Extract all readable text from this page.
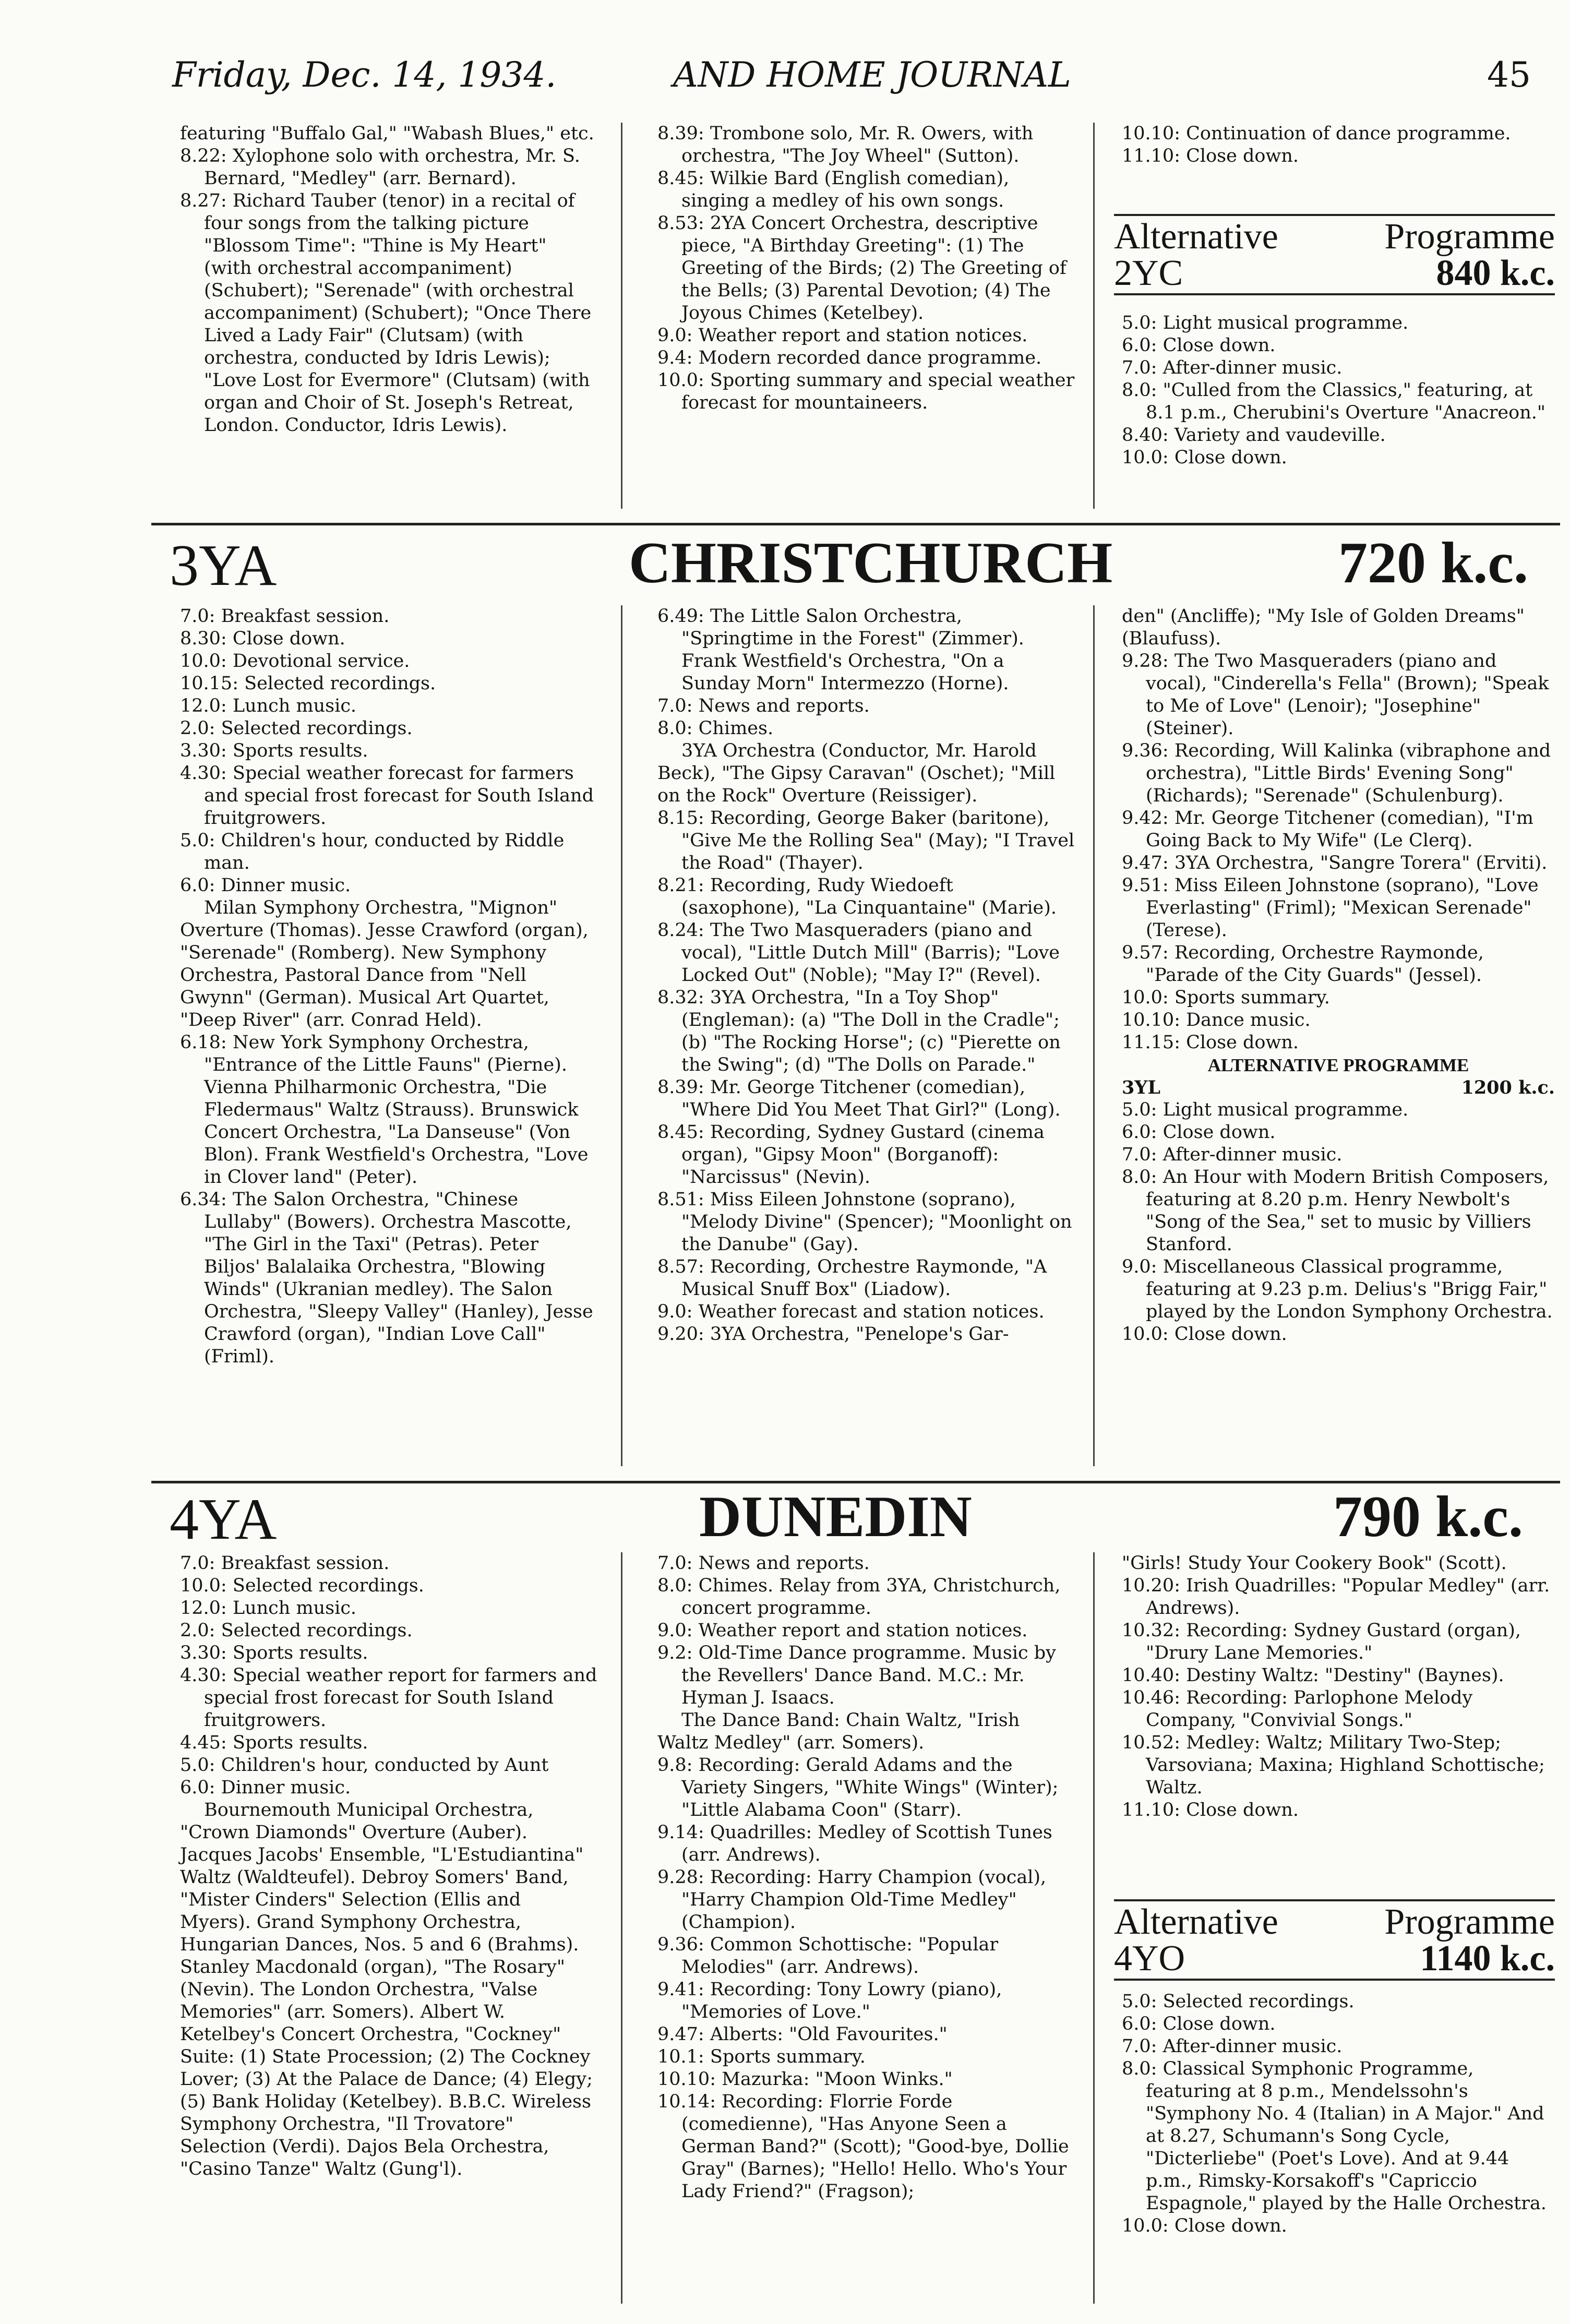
Friday, Dec. 14, 1934.	AND HOME JOURNAL	45

featuring "Buffalo Gal," "Wabash Blues," etc.

8.22: Xylophone solo with orchestra, Mr. S. Bernard, "Medley" (arr. Bernard).

8.27: Richard Tauber (tenor) in a recital of four songs from the talking picture "Blossom Time": "Thine is My Heart" (with orchestral accompaniment) (Schubert); "Serenade" (with orchestral accompaniment) (Schubert); "Once There Lived a Lady Fair" (Clutsam) (with orchestra, conducted by Idris Lewis); "Love Lost for Evermore" (Clutsam) (with organ and Choir of St. Joseph's Retreat, London. Conductor, Idris Lewis).

8.39: Trombone solo, Mr. R. Owers, with orchestra, "The Joy Wheel" (Sutton).

8.45: Wilkie Bard (English comedian), singing a medley of his own songs.

8.53: 2YA Concert Orchestra, descriptive piece, "A Birthday Greeting": (1) The Greeting of the Birds; (2) The Greeting of the Bells; (3) Parental Devotion; (4) The Joyous Chimes (Ketelbey).

9.0: Weather report and station notices.

9.4: Modern recorded dance programme.

10.0: Sporting summary and special weather forecast for mountaineers.

10.10: Continuation of dance programme.

11.10: Close down.

Alternative	Programme
2YC	840 k.c.

5.0: Light musical programme.

6.0: Close down.

7.0: After-dinner music.

8.0: "Culled from the Classics," featuring, at 8.1 p.m., Cherubini's Overture "Anacreon."

8.40: Variety and vaudeville.

10.0: Close down.

3YA	CHRISTCHURCH	720 k.c.

7.0: Breakfast session.

8.30: Close down.

10.0: Devotional service.

10.15: Selected recordings.

12.0: Lunch music.

2.0: Selected recordings.

3.30: Sports results.

4.30: Special weather forecast for farmers and special frost forecast for South Island fruitgrowers.

5.0: Children's hour, conducted by Riddle man.

6.0: Dinner music.

Milan Symphony Orchestra, "Mignon" Overture (Thomas). Jesse Crawford (organ), "Serenade" (Romberg). New Symphony Orchestra, Pastoral Dance from "Nell Gwynn" (German). Musical Art Quartet, "Deep River" (arr. Conrad Held).

6.18: New York Symphony Orchestra, "Entrance of the Little Fauns" (Pierne). Vienna Philharmonic Orchestra, "Die Fledermaus" Waltz (Strauss). Brunswick Concert Orchestra, "La Danseuse" (Von Blon). Frank Westfield's Orchestra, "Love in Clover land" (Peter).

6.34: The Salon Orchestra, "Chinese Lullaby" (Bowers). Orchestra Mascotte, "The Girl in the Taxi" (Petras). Peter Biljos' Balalaika Orchestra, "Blowing Winds" (Ukranian medley). The Salon Orchestra, "Sleepy Valley" (Hanley), Jesse Crawford (organ), "Indian Love Call" (Friml).

6.49: The Little Salon Orchestra, "Springtime in the Forest" (Zimmer). Frank Westfield's Orchestra, "On a Sunday Morn" Intermezzo (Horne).

7.0: News and reports.

8.0: Chimes.

3YA Orchestra (Conductor, Mr. Harold Beck), "The Gipsy Caravan" (Oschet); "Mill on the Rock" Overture (Reissiger).

8.15: Recording, George Baker (baritone), "Give Me the Rolling Sea" (May); "I Travel the Road" (Thayer).

8.21: Recording, Rudy Wiedoeft (saxophone), "La Cinquantaine" (Marie).

8.24: The Two Masqueraders (piano and vocal), "Little Dutch Mill" (Barris); "Love Locked Out" (Noble); "May I?" (Revel).

8.32: 3YA Orchestra, "In a Toy Shop" (Engleman): (a) "The Doll in the Cradle"; (b) "The Rocking Horse"; (c) "Pierette on the Swing"; (d) "The Dolls on Parade."

8.39: Mr. George Titchener (comedian), "Where Did You Meet That Girl?" (Long).

8.45: Recording, Sydney Gustard (cinema organ), "Gipsy Moon" (Borganoff): "Narcissus" (Nevin).

8.51: Miss Eileen Johnstone (soprano), "Melody Divine" (Spencer); "Moonlight on the Danube" (Gay).

8.57: Recording, Orchestre Raymonde, "A Musical Snuff Box" (Liadow).

9.0: Weather forecast and station notices.

9.20: 3YA Orchestra, "Penelope's Gar-

den" (Ancliffe); "My Isle of Golden Dreams" (Blaufuss).

9.28: The Two Masqueraders (piano and vocal), "Cinderella's Fella" (Brown); "Speak to Me of Love" (Lenoir); "Josephine" (Steiner).

9.36: Recording, Will Kalinka (vibraphone and orchestra), "Little Birds' Evening Song" (Richards); "Serenade" (Schulenburg).

9.42: Mr. George Titchener (comedian), "I'm Going Back to My Wife" (Le Clerq).

9.47: 3YA Orchestra, "Sangre Torera" (Erviti).

9.51: Miss Eileen Johnstone (soprano), "Love Everlasting" (Friml); "Mexican Serenade" (Terese).

9.57: Recording, Orchestre Raymonde, "Parade of the City Guards" (Jessel).

10.0: Sports summary.

10.10: Dance music.

11.15: Close down.

ALTERNATIVE PROGRAMME
3YL	1200 k.c.

5.0: Light musical programme.

6.0: Close down.

7.0: After-dinner music.

8.0: An Hour with Modern British Composers, featuring at 8.20 p.m. Henry Newbolt's "Song of the Sea," set to music by Villiers Stanford.

9.0: Miscellaneous Classical programme, featuring at 9.23 p.m. Delius's "Brigg Fair," played by the London Symphony Orchestra.

10.0: Close down.

4YA	DUNEDIN	790 k.c.

7.0: Breakfast session.

10.0: Selected recordings.

12.0: Lunch music.

2.0: Selected recordings.

3.30: Sports results.

4.30: Special weather report for farmers and special frost forecast for South Island fruitgrowers.

4.45: Sports results.

5.0: Children's hour, conducted by Aunt

6.0: Dinner music.

Bournemouth Municipal Orchestra, "Crown Diamonds" Overture (Auber). Jacques Jacobs' Ensemble, "L'Estudiantina" Waltz (Waldteufel). Debroy Somers' Band, "Mister Cinders" Selection (Ellis and Myers). Grand Symphony Orchestra, Hungarian Dances, Nos. 5 and 6 (Brahms). Stanley Macdonald (organ), "The Rosary" (Nevin). The London Orchestra, "Valse Memories" (arr. Somers). Albert W. Ketelbey's Concert Orchestra, "Cockney" Suite: (1) State Procession; (2) The Cockney Lover; (3) At the Palace de Dance; (4) Elegy; (5) Bank Holiday (Ketelbey). B.B.C. Wireless Symphony Orchestra, "Il Trovatore" Selection (Verdi). Dajos Bela Orchestra, "Casino Tanze" Waltz (Gung'l).

7.0: News and reports.

8.0: Chimes. Relay from 3YA, Christchurch, concert programme.

9.0: Weather report and station notices.

9.2: Old-Time Dance programme. Music by the Revellers' Dance Band. M.C.: Mr. Hyman J. Isaacs.

The Dance Band: Chain Waltz, "Irish Waltz Medley" (arr. Somers).

9.8: Recording: Gerald Adams and the Variety Singers, "White Wings" (Winter); "Little Alabama Coon" (Starr).

9.14: Quadrilles: Medley of Scottish Tunes (arr. Andrews).

9.28: Recording: Harry Champion (vocal), "Harry Champion Old-Time Medley" (Champion).

9.36: Common Schottische: "Popular Melodies" (arr. Andrews).

9.41: Recording: Tony Lowry (piano), "Memories of Love."

9.47: Alberts: "Old Favourites."

10.1: Sports summary.

10.10: Mazurka: "Moon Winks."

10.14: Recording: Florrie Forde (comedienne), "Has Anyone Seen a German Band?" (Scott); "Good-bye, Dollie Gray" (Barnes); "Hello! Hello. Who's Your Lady Friend?" (Fragson);

"Girls! Study Your Cookery Book" (Scott).

10.20: Irish Quadrilles: "Popular Medley" (arr. Andrews).

10.32: Recording: Sydney Gustard (organ), "Drury Lane Memories."

10.40: Destiny Waltz: "Destiny" (Baynes).

10.46: Recording: Parlophone Melody Company, "Convivial Songs."

10.52: Medley: Waltz; Military Two-Step; Varsoviana; Maxina; Highland Schottische; Waltz.

11.10: Close down.

Alternative	Programme
4YO	1140 k.c.

5.0: Selected recordings.

6.0: Close down.

7.0: After-dinner music.

8.0: Classical Symphonic Programme, featuring at 8 p.m., Mendelssohn's "Symphony No. 4 (Italian) in A Major." And at 8.27, Schumann's Song Cycle, "Dicterliebe" (Poet's Love). And at 9.44 p.m., Rimsky-Korsakoff's "Capriccio Espagnole," played by the Halle Orchestra.

10.0: Close down.
